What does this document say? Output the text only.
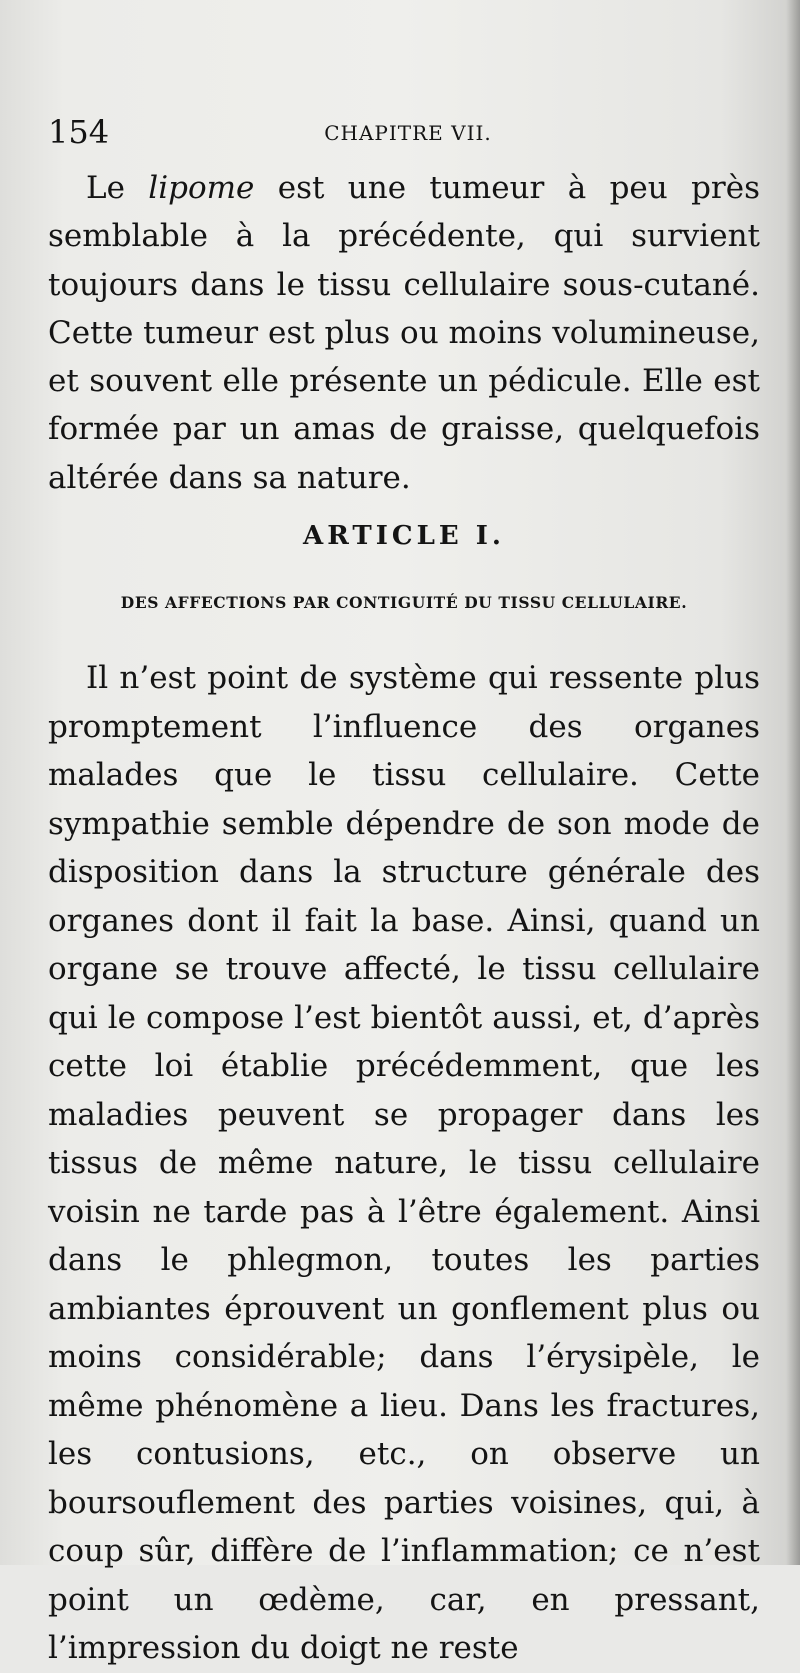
154	CHAPITRE VII.

Le lipome est une tumeur à peu près semblable à la précédente, qui survient toujours dans le tissu cellulaire sous-cutané. Cette tumeur est plus ou moins volumineuse, et souvent elle présente un pédicule. Elle est formée par un amas de graisse, quelquefois altérée dans sa nature.

ARTICLE I.
DES AFFECTIONS PAR CONTIGUITÉ DU TISSU CELLULAIRE.

Il n’est point de système qui ressente plus promptement l’influence des organes malades que le tissu cellulaire. Cette sympathie semble dépendre de son mode de disposition dans la structure générale des organes dont il fait la base. Ainsi, quand un organe se trouve affecté, le tissu cellulaire qui le compose l’est bientôt aussi, et, d’après cette loi établie précédemment, que les maladies peuvent se propager dans les tissus de même nature, le tissu cellulaire voisin ne tarde pas à l’être également. Ainsi dans le phlegmon, toutes les parties ambiantes éprouvent un gonflement plus ou moins considérable; dans l’érysipèle, le même phénomène a lieu. Dans les fractures, les contusions, etc., on observe un boursouflement des parties voisines, qui, à coup sûr, diffère de l’inflammation; ce n’est point un œdème, car, en pressant, l’impression du doigt ne reste
